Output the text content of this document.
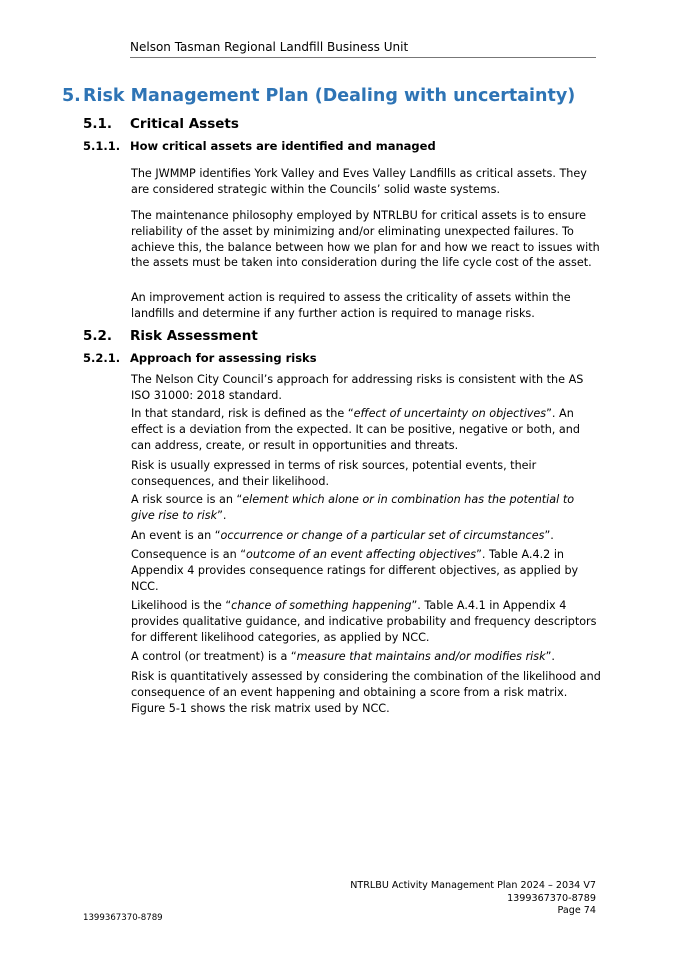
Nelson Tasman Regional Landfill Business Unit
5. Risk Management Plan (Dealing with uncertainty)
5.1. Critical Assets
5.1.1. How critical assets are identified and managed

The JWMMP identifies York Valley and Eves Valley Landfills as critical assets. They are considered strategic within the Councils’ solid waste systems.

The maintenance philosophy employed by NTRLBU for critical assets is to ensure reliability of the asset by minimizing and/or eliminating unexpected failures. To achieve this, the balance between how we plan for and how we react to issues with the assets must be taken into consideration during the life cycle cost of the asset.

An improvement action is required to assess the criticality of assets within the landfills and determine if any further action is required to manage risks.

5.2. Risk Assessment
5.2.1. Approach for assessing risks

The Nelson City Council’s approach for addressing risks is consistent with the AS ISO 31000: 2018 standard.

In that standard, risk is defined as the “effect of uncertainty on objectives”. An effect is a deviation from the expected. It can be positive, negative or both, and can address, create, or result in opportunities and threats.

Risk is usually expressed in terms of risk sources, potential events, their consequences, and their likelihood.

A risk source is an “element which alone or in combination has the potential to give rise to risk”.

An event is an “occurrence or change of a particular set of circumstances”.

Consequence is an “outcome of an event affecting objectives”. Table A.4.2 in Appendix 4 provides consequence ratings for different objectives, as applied by NCC.

Likelihood is the “chance of something happening”. Table A.4.1 in Appendix 4 provides qualitative guidance, and indicative probability and frequency descriptors for different likelihood categories, as applied by NCC.

A control (or treatment) is a “measure that maintains and/or modifies risk”.

Risk is quantitatively assessed by considering the combination of the likelihood and consequence of an event happening and obtaining a score from a risk matrix. Figure 5-1 shows the risk matrix used by NCC.

NTRLBU Activity Management Plan 2024 – 2034 V7
1399367370-8789
Page 74
1399367370-8789
